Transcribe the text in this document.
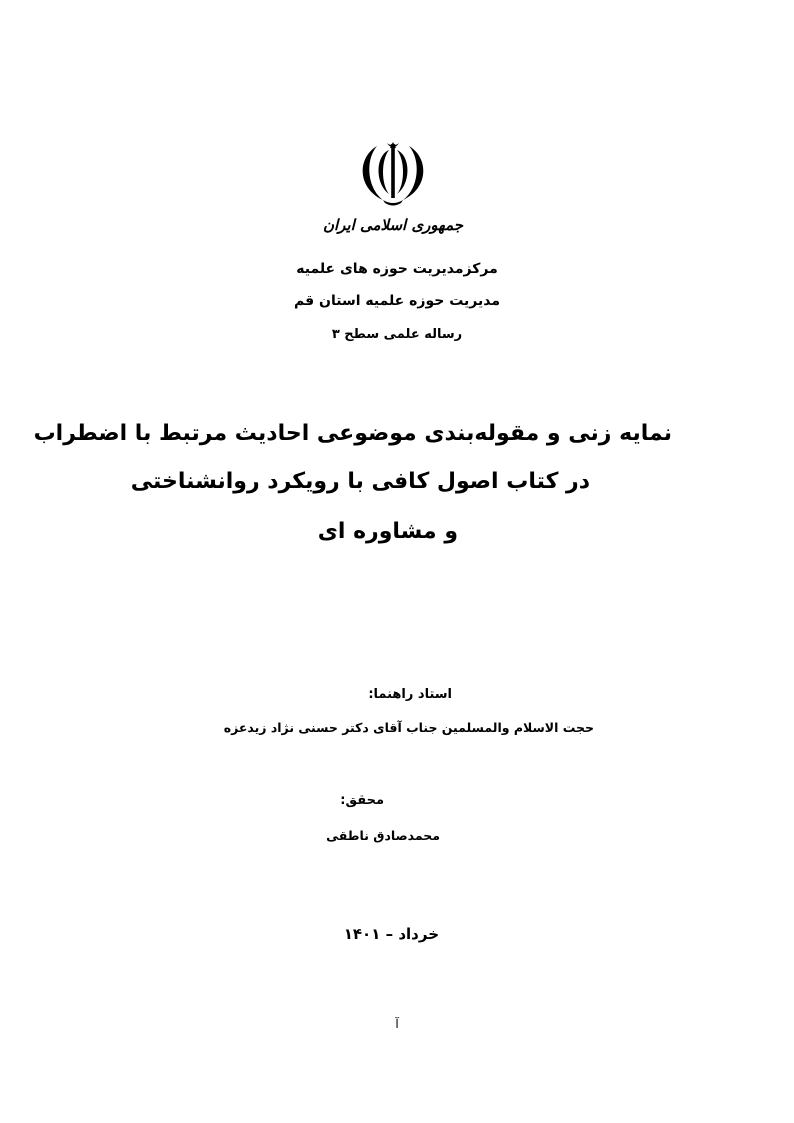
جمهوری اسلامی ایران
مرکزمدیریت حوزه های علمیه
مدیریت حوزه علمیه استان قم
رساله علمی سطح ۳
نمایه زنی و مقوله‌بندی موضوعی احادیث مرتبط با اضطراب
در کتاب اصول کافی با رویکرد روانشناختی
و مشاوره ای
استاد راهنما:
حجت الاسلام والمسلمین جناب آقای دکتر حسنی نژاد زیدعزه
محقق:
محمدصادق ناطقی
خرداد – ۱۴۰۱
آ
